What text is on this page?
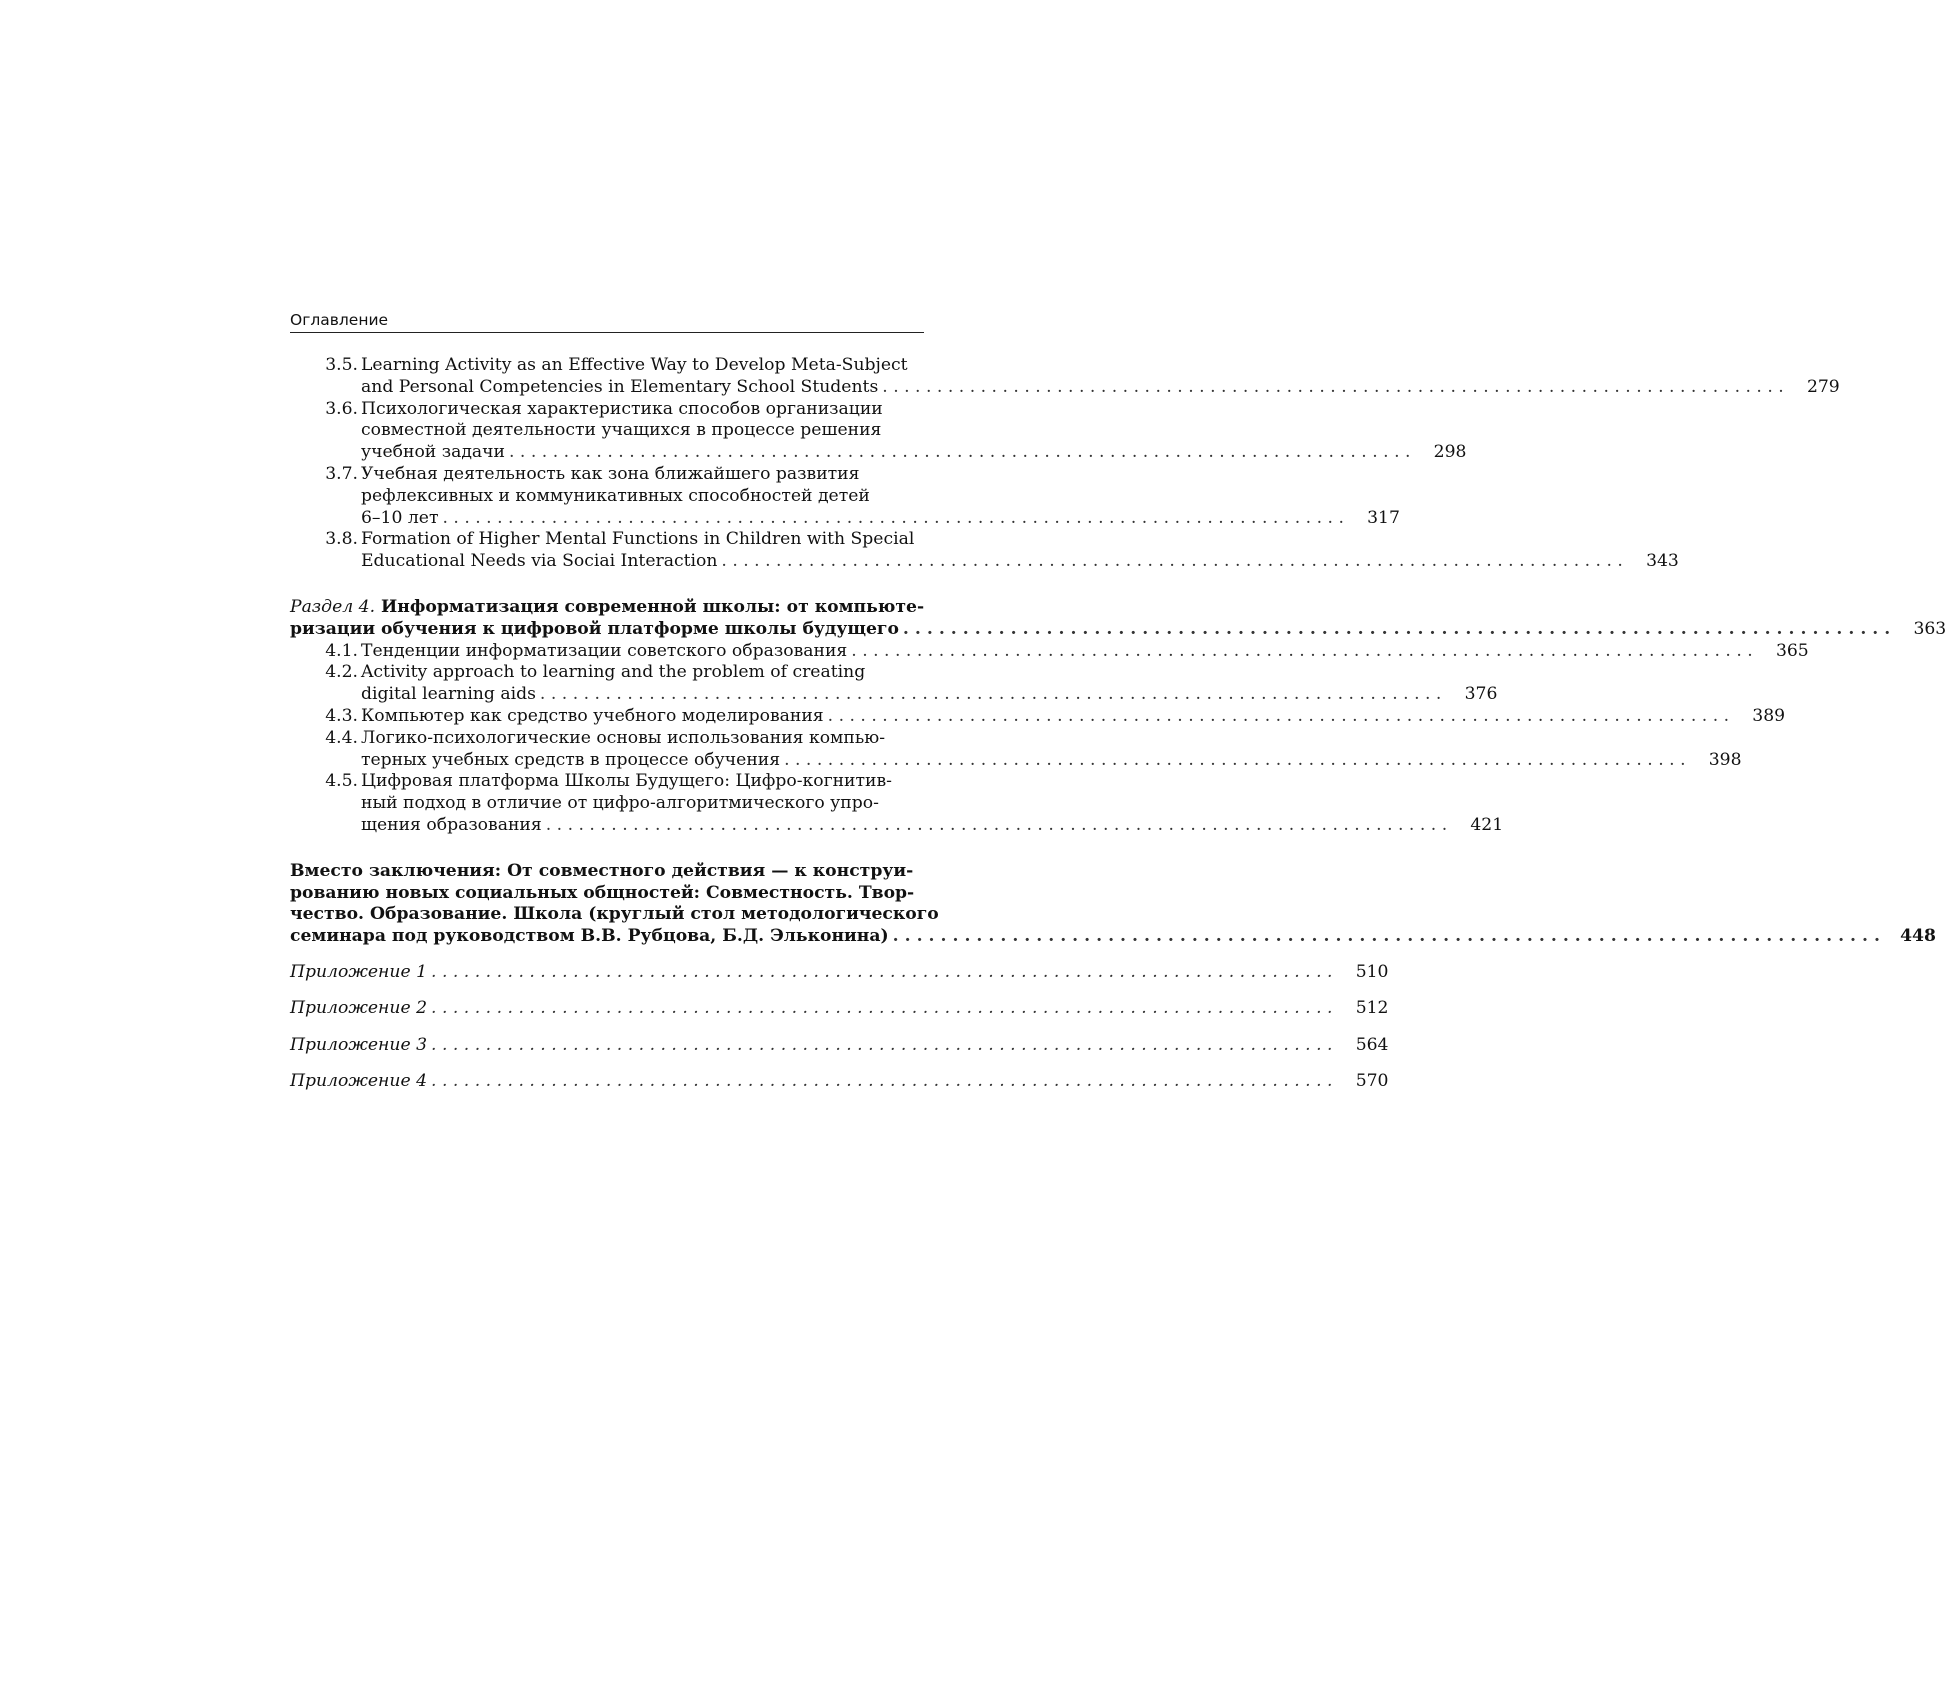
Оглавление
3.5. Learning Activity as an Effective Way to Develop Meta-Subject
and Personal Competencies in Elementary School Students . . .	279
3.6. Психологическая характеристика способов организации
совместной деятельности учащихся в процессе решения
учебной задачи . . .	298
3.7. Учебная деятельность как зона ближайшего развития
рефлексивных и коммуникативных способностей детей
6–10 лет . . .	317
3.8. Formation of Higher Mental Functions in Children with Special
Educational Needs via Sociai Interaction . . .	343
Раздел 4. Информатизация современной школы: от компьюте-
ризации обучения к цифровой платформе школы будущего . . .	363
4.1. Тенденции информатизации советского образования . . .	365
4.2. Activity approach to learning and the problem of creating
digital learning aids . . .	376
4.3. Компьютер как средство учебного моделирования . . .	389
4.4. Логико-психологические основы использования компью-
терных учебных средств в процессе обучения . . .	398
4.5. Цифровая платформа Школы Будущего: Цифро-когнитив-
ный подход в отличие от цифро-алгоритмического упро-
щения образования . . .	421
Вместо заключения: От совместного действия — к конструи-
рованию новых социальных общностей: Совместность. Твор-
чество. Образование. Школа (круглый стол методологического
семинара под руководством В.В. Рубцова, Б.Д. Эльконина) . . .	448
Приложение 1 . . .	510
Приложение 2 . . .	512
Приложение 3 . . .	564
Приложение 4 . . .	570
